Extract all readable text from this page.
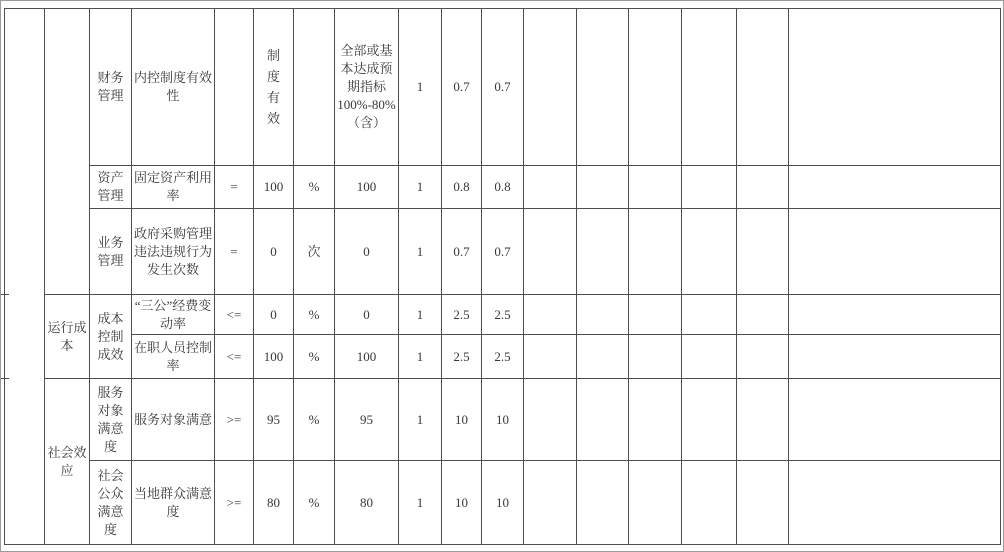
		财务管理	内控制度有效性		制度有效		全部或基本达成预期指标100%-80%（含）	1	0.7	0.7						
		资产管理	固定资产利用率	=	100	%	100	1	0.8	0.8						
		业务管理	政府采购管理违法违规行为发生次数	=	0	次	0	1	0.7	0.7						
	运行成本	成本控制成效	“三公”经费变动率	<=	0	%	0	1	2.5	2.5						
			在职人员控制率	<=	100	%	100	1	2.5	2.5						
	社会效应	服务对象满意度	服务对象满意	>=	95	%	95	1	10	10						
		社会公众满意度	当地群众满意度	>=	80	%	80	1	10	10						
